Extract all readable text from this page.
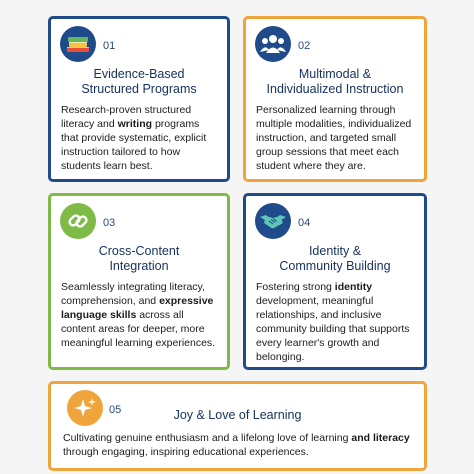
01
Evidence-Based
Structured Programs

Research-proven structured literacy and writing programs that provide systematic, explicit instruction tailored to how students learn best.

02
Multimodal &
Individualized Instruction

Personalized learning through multiple modalities, individualized instruction, and targeted small group sessions that meet each student where they are.

03
Cross-Content
Integration

Seamlessly integrating literacy, comprehension, and expressive language skills across all content areas for deeper, more meaningful learning experiences.

04
Identity &
Community Building

Fostering strong identity development, meaningful relationships, and inclusive community building that supports every learner's growth and belonging.

05	Joy & Love of Learning

Cultivating genuine enthusiasm and a lifelong love of learning and literacy through engaging, inspiring educational experiences.
